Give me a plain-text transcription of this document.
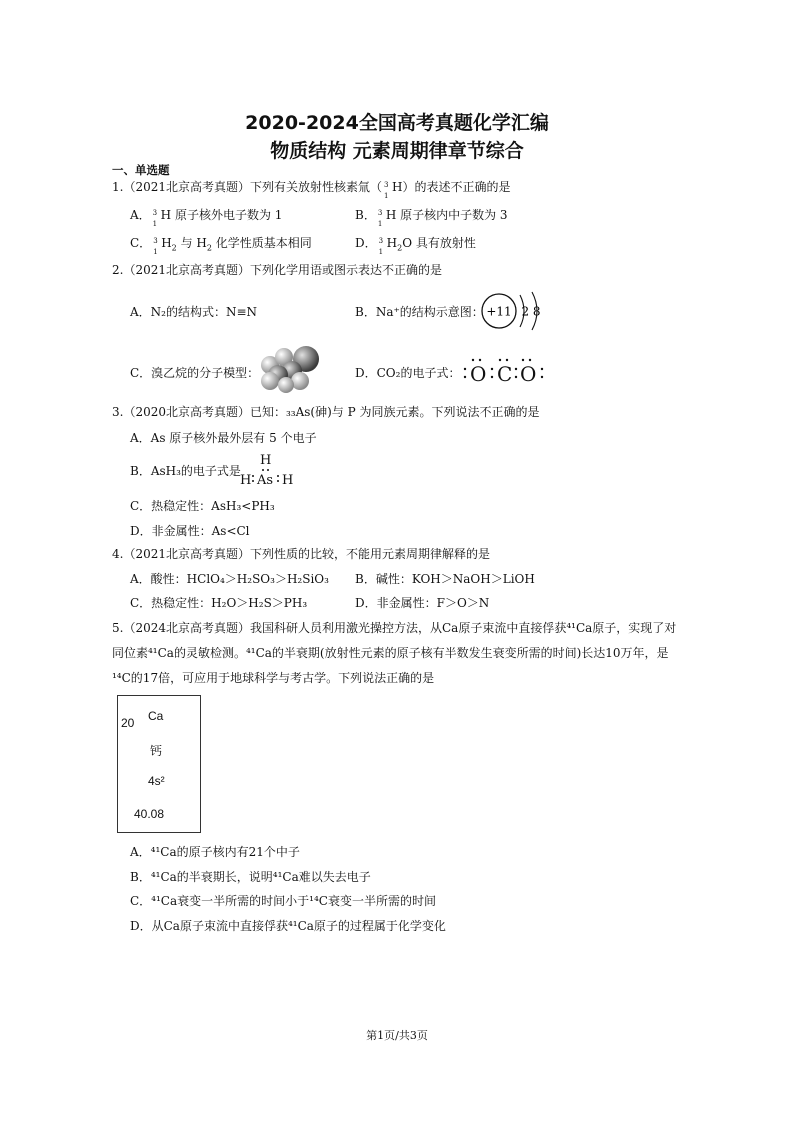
2020-2024全国高考真题化学汇编
物质结构 元素周期律章节综合
一、单选题
1.（2021北京高考真题）下列有关放射性核素氚（ 3
1
H）的表述不正确的是
A． 3
1
H 原子核外电子数为 1	B． 3
1
H 原子核内中子数为 3
C． 3
1
$H_2$ 与 $H_2$ 化学性质基本相同	D． 3
1
$H_2O$ 具有放射性
2.（2021北京高考真题）下列化学用语或图示表达不正确的是
A．N₂的结构式：N≡N	B．Na⁺的结构示意图： +11 2 8
C．溴乙烷的分子模型：	D．CO₂的电子式： O C O
3.（2020北京高考真题）已知：₃₃As(砷)与 P 为同族元素。下列说法不正确的是
A．As 原子核外最外层有 5 个电子
B．AsH₃的电子式是
H
H As H
C．热稳定性：AsH₃<PH₃
D．非金属性：As<Cl
4.（2021北京高考真题）下列性质的比较，不能用元素周期律解释的是
A．酸性：HClO₄＞H₂SO₃＞H₂SiO₃ B．碱性：KOH＞NaOH＞LiOH
C．热稳定性：H₂O＞H₂S＞PH₃	D．非金属性：F＞O＞N
5.（2024北京高考真题）我国科研人员利用激光操控方法，从Ca原子束流中直接俘获⁴¹Ca原子，实现了对
同位素⁴¹Ca的灵敏检测。⁴¹Ca的半衰期(放射性元素的原子核有半数发生衰变所需的时间)长达10万年，是
¹⁴C的17倍，可应用于地球科学与考古学。下列说法正确的是
20 Ca
钙
4s²
40.08
A．⁴¹Ca的原子核内有21个中子
B．⁴¹Ca的半衰期长，说明⁴¹Ca难以失去电子
C．⁴¹Ca衰变一半所需的时间小于¹⁴C衰变一半所需的时间
D．从Ca原子束流中直接俘获⁴¹Ca原子的过程属于化学变化
第1页/共3页
